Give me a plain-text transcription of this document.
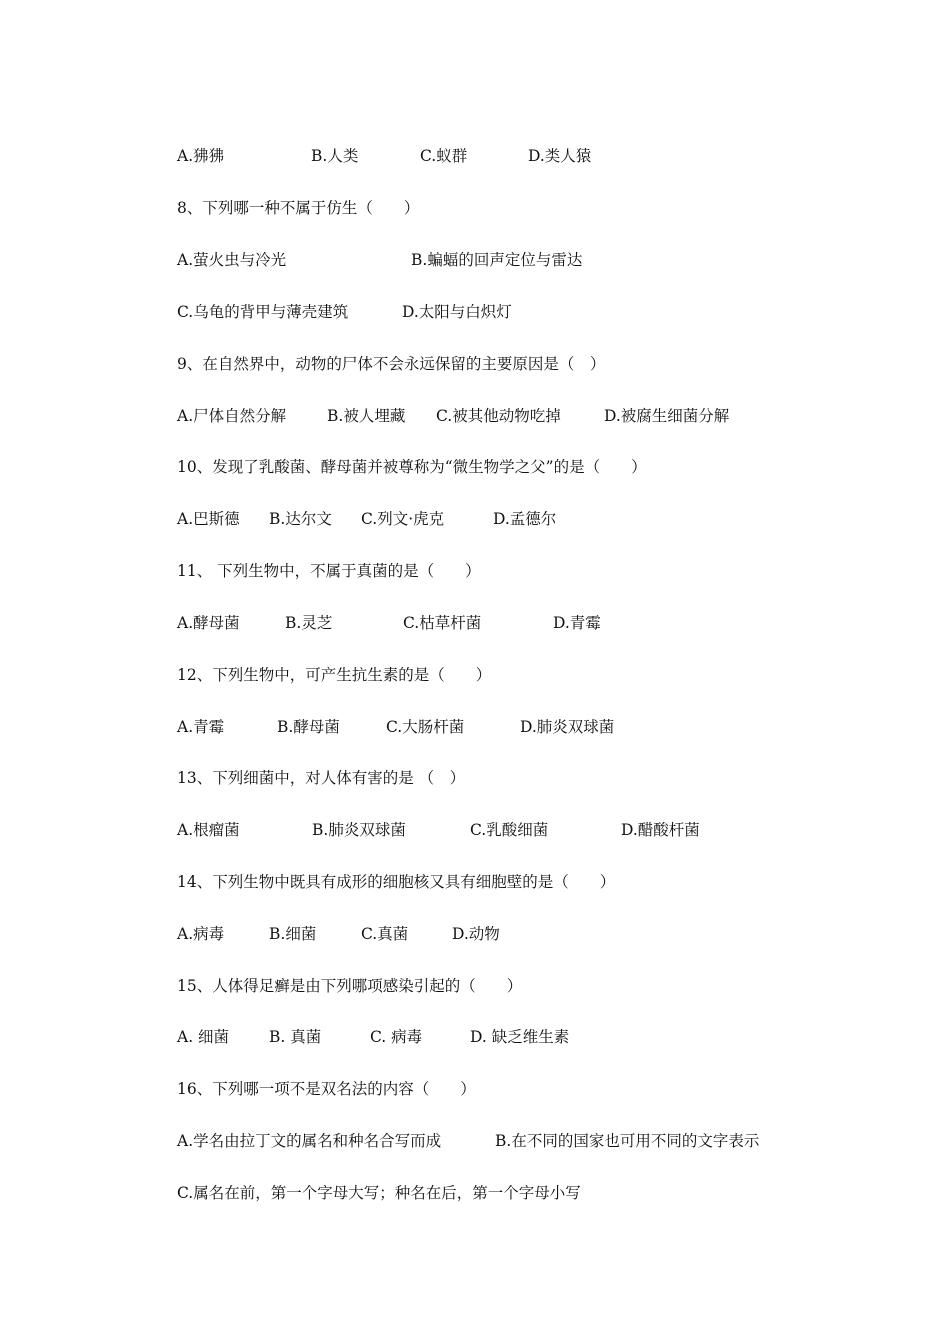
A.狒狒	B.人类	C.蚁群	D.类人猿
8、下列哪一种不属于仿生（　　）
A.萤火虫与冷光	B.蝙蝠的回声定位与雷达
C.乌龟的背甲与薄壳建筑	D.太阳与白炽灯
9、在自然界中，动物的尸体不会永远保留的主要原因是（　）
A.尸体自然分解	B.被人埋藏 C.被其他动物吃掉	D.被腐生细菌分解
10、发现了乳酸菌、酵母菌并被尊称为“微生物学之父”的是（　　）
A.巴斯德 B.达尔文 C.列文·虎克	D.孟德尔
11、 下列生物中，不属于真菌的是（　　）
A.酵母菌	B.灵芝	C.枯草杆菌	D.青霉
12、下列生物中，可产生抗生素的是（　　）
A.青霉	B.酵母菌	C.大肠杆菌	D.肺炎双球菌
13、下列细菌中，对人体有害的是 （　）
A.根瘤菌	B.肺炎双球菌	C.乳酸细菌	D.醋酸杆菌
14、下列生物中既具有成形的细胞核又具有细胞壁的是（　　）
A.病毒	B.细菌	C.真菌	D.动物
15、人体得足癣是由下列哪项感染引起的（　　）
A. 细菌	B. 真菌	C. 病毒	D. 缺乏维生素
16、下列哪一项不是双名法的内容（　　）
A.学名由拉丁文的属名和种名合写而成	B.在不同的国家也可用不同的文字表示
C.属名在前，第一个字母大写；种名在后，第一个字母小写
